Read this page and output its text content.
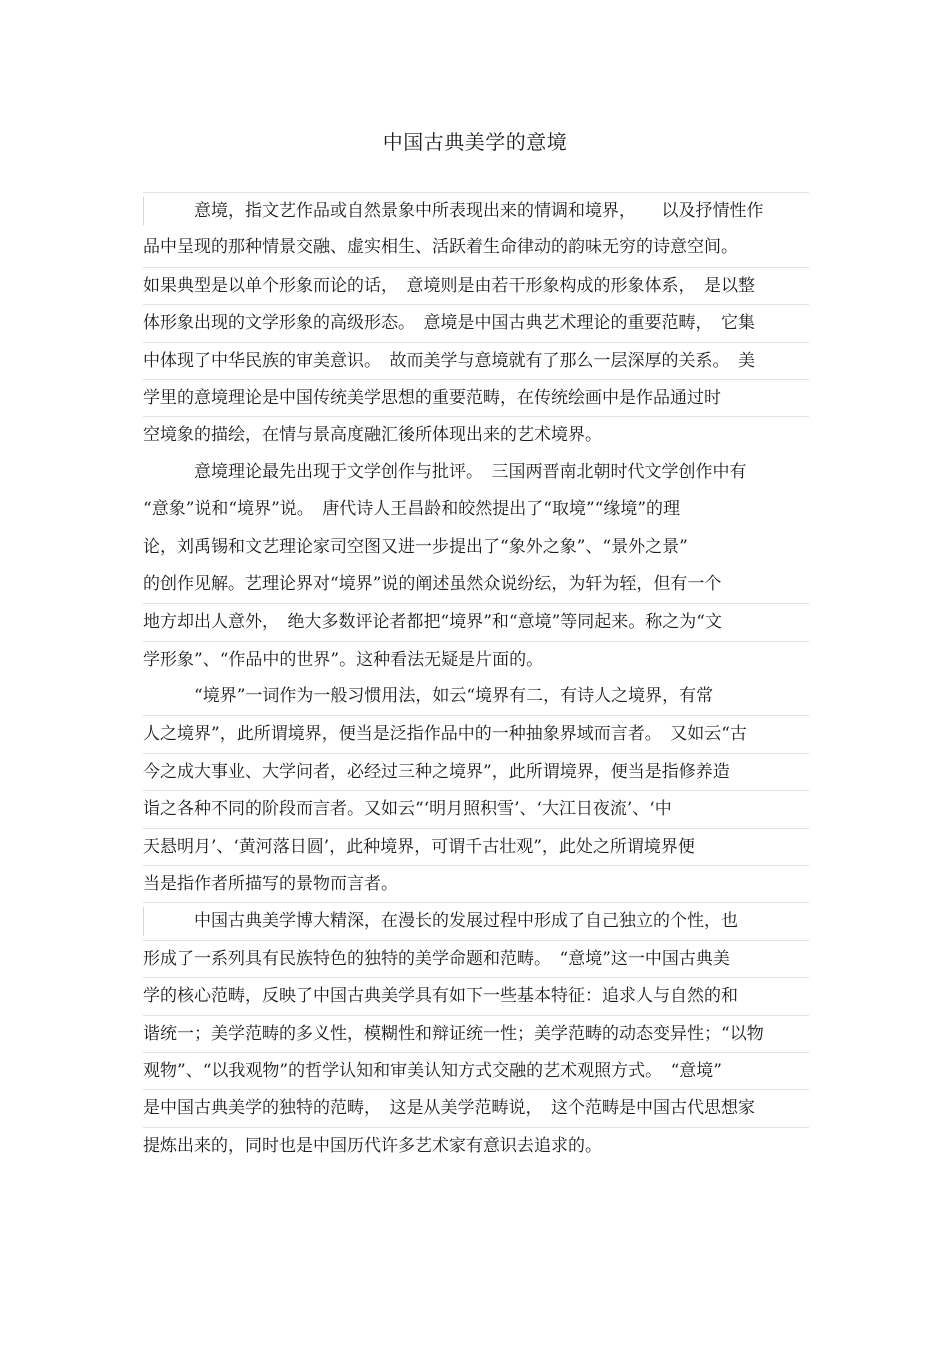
中国古典美学的意境
　　　意境，指文艺作品或自然景象中所表现出来的情调和境界，　　以及抒情性作
品中呈现的那种情景交融、虚实相生、活跃着生命律动的韵味无穷的诗意空间。
如果典型是以单个形象而论的话，　意境则是由若干形象构成的形象体系，　是以整
体形象出现的文学形象的高级形态。　意境是中国古典艺术理论的重要范畴，　它集
中体现了中华民族的审美意识。　故而美学与意境就有了那么一层深厚的关系。　美
学里的意境理论是中国传统美学思想的重要范畴，在传统绘画中是作品通过时
空境象的描绘，在情与景高度融汇後所体现出来的艺术境界。
　　　意境理论最先出现于文学创作与批评。　三国两晋南北朝时代文学创作中有
“意象”说和“境界”说。　唐代诗人王昌龄和皎然提出了“取境”“缘境”的理
论，刘禹锡和文艺理论家司空图又进一步提出了“象外之象”、“景外之景”
的创作见解。艺理论界对“境界”说的阐述虽然众说纷纭，为轩为轾，但有一个
地方却出人意外，　绝大多数评论者都把“境界”和“意境”等同起来。称之为“文
学形象”、“作品中的世界”。这种看法无疑是片面的。
　　　“境界”一词作为一般习惯用法，如云“境界有二，有诗人之境界，有常
人之境界”，此所谓境界，便当是泛指作品中的一种抽象界域而言者。　又如云“古
今之成大事业、大学问者，必经过三种之境界”，此所谓境界，便当是指修养造
诣之各种不同的阶段而言者。又如云“‘明月照积雪’、‘大江日夜流’、‘中
天悬明月’、‘黄河落日圆’，此种境界，可谓千古壮观”，此处之所谓境界便
当是指作者所描写的景物而言者。
　　　中国古典美学博大精深，在漫长的发展过程中形成了自己独立的个性，也
形成了一系列具有民族特色的独特的美学命题和范畴。　“意境”这一中国古典美
学的核心范畴，反映了中国古典美学具有如下一些基本特征：追求人与自然的和
谐统一；美学范畴的多义性，模糊性和辩证统一性；美学范畴的动态变异性；“以物
观物”、“以我观物”的哲学认知和审美认知方式交融的艺术观照方式。　“意境”
是中国古典美学的独特的范畴，　这是从美学范畴说，　这个范畴是中国古代思想家
提炼出来的，同时也是中国历代许多艺术家有意识去追求的。
